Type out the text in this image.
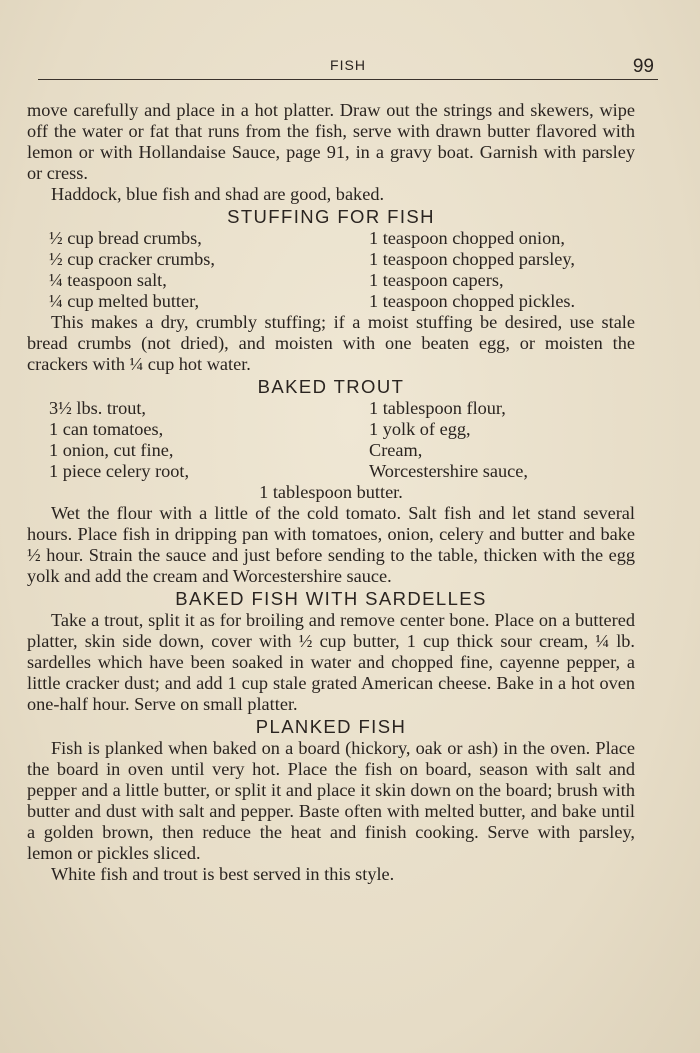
FISH	99

move carefully and place in a hot platter. Draw out the strings and skewers, wipe off the water or fat that runs from the fish, serve with drawn butter flavored with lemon or with Hollandaise Sauce, page 91, in a gravy boat. Garnish with parsley or cress.

Haddock, blue fish and shad are good, baked.

STUFFING FOR FISH
½ cup bread crumbs,	1 teaspoon chopped onion,
½ cup cracker crumbs,	1 teaspoon chopped parsley,
¼ teaspoon salt,	1 teaspoon capers,
¼ cup melted butter,	1 teaspoon chopped pickles.

This makes a dry, crumbly stuffing; if a moist stuffing be desired, use stale bread crumbs (not dried), and moisten with one beaten egg, or moisten the crackers with ¼ cup hot water.

BAKED TROUT
3½ lbs. trout,	1 tablespoon flour,
1 can tomatoes,	1 yolk of egg,
1 onion, cut fine,	Cream,
1 piece celery root,	Worcestershire sauce,
1 tablespoon butter.

Wet the flour with a little of the cold tomato. Salt fish and let stand several hours. Place fish in dripping pan with tomatoes, onion, celery and butter and bake ½ hour. Strain the sauce and just before sending to the table, thicken with the egg yolk and add the cream and Worcestershire sauce.

BAKED FISH WITH SARDELLES

Take a trout, split it as for broiling and remove center bone. Place on a buttered platter, skin side down, cover with ½ cup butter, 1 cup thick sour cream, ¼ lb. sardelles which have been soaked in water and chopped fine, cayenne pepper, a little cracker dust; and add 1 cup stale grated American cheese. Bake in a hot oven one-half hour. Serve on small platter.

PLANKED FISH

Fish is planked when baked on a board (hickory, oak or ash) in the oven. Place the board in oven until very hot. Place the fish on board, season with salt and pepper and a little butter, or split it and place it skin down on the board; brush with butter and dust with salt and pepper. Baste often with melted butter, and bake until a golden brown, then reduce the heat and finish cooking. Serve with parsley, lemon or pickles sliced.

White fish and trout is best served in this style.
